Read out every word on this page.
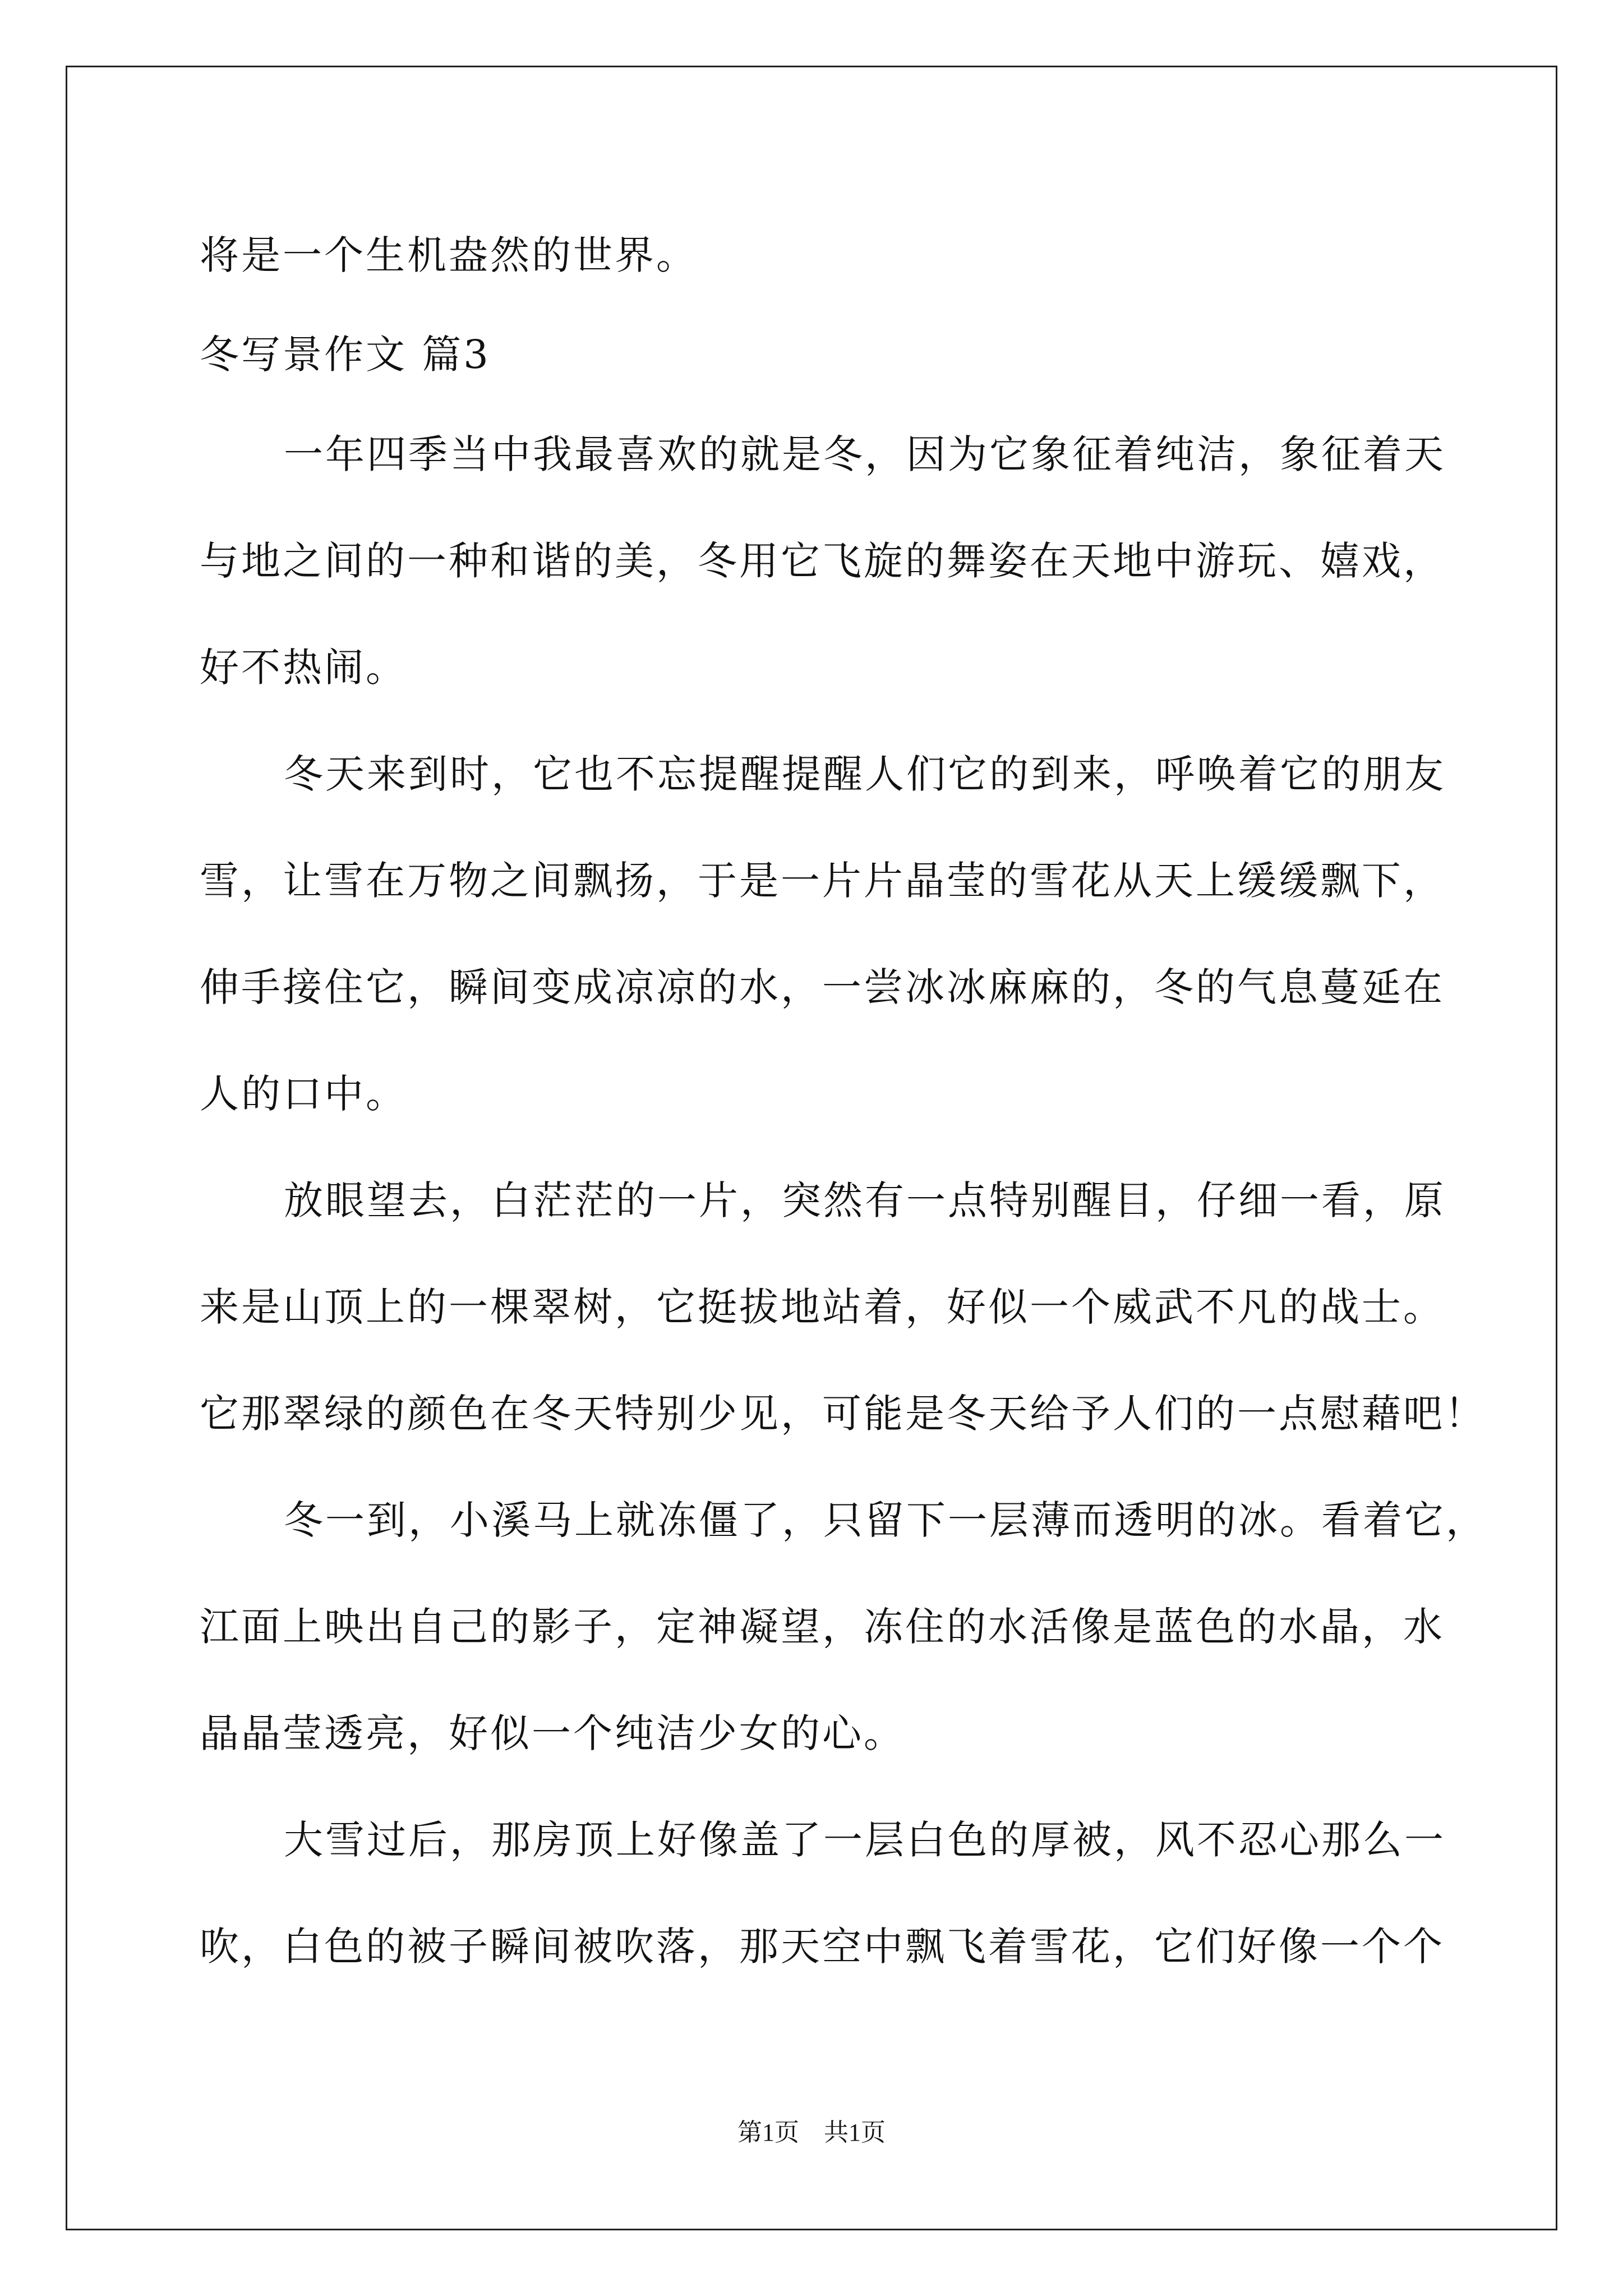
将是一个生机盎然的世界。
冬写景作文 篇3
一年四季当中我最喜欢的就是冬，因为它象征着纯洁，象征着天
与地之间的一种和谐的美，冬用它飞旋的舞姿在天地中游玩、嬉戏，
好不热闹。
冬天来到时，它也不忘提醒提醒人们它的到来，呼唤着它的朋友
雪，让雪在万物之间飘扬，于是一片片晶莹的雪花从天上缓缓飘下，
伸手接住它，瞬间变成凉凉的水，一尝冰冰麻麻的，冬的气息蔓延在
人的口中。
放眼望去，白茫茫的一片，突然有一点特别醒目，仔细一看，原
来是山顶上的一棵翠树，它挺拔地站着，好似一个威武不凡的战士。
它那翠绿的颜色在冬天特别少见，可能是冬天给予人们的一点慰藉吧！
冬一到，小溪马上就冻僵了，只留下一层薄而透明的冰。看着它，
江面上映出自己的影子，定神凝望，冻住的水活像是蓝色的水晶，水
晶晶莹透亮，好似一个纯洁少女的心。
大雪过后，那房顶上好像盖了一层白色的厚被，风不忍心那么一
吹，白色的被子瞬间被吹落，那天空中飘飞着雪花，它们好像一个个
第1页　共1页
